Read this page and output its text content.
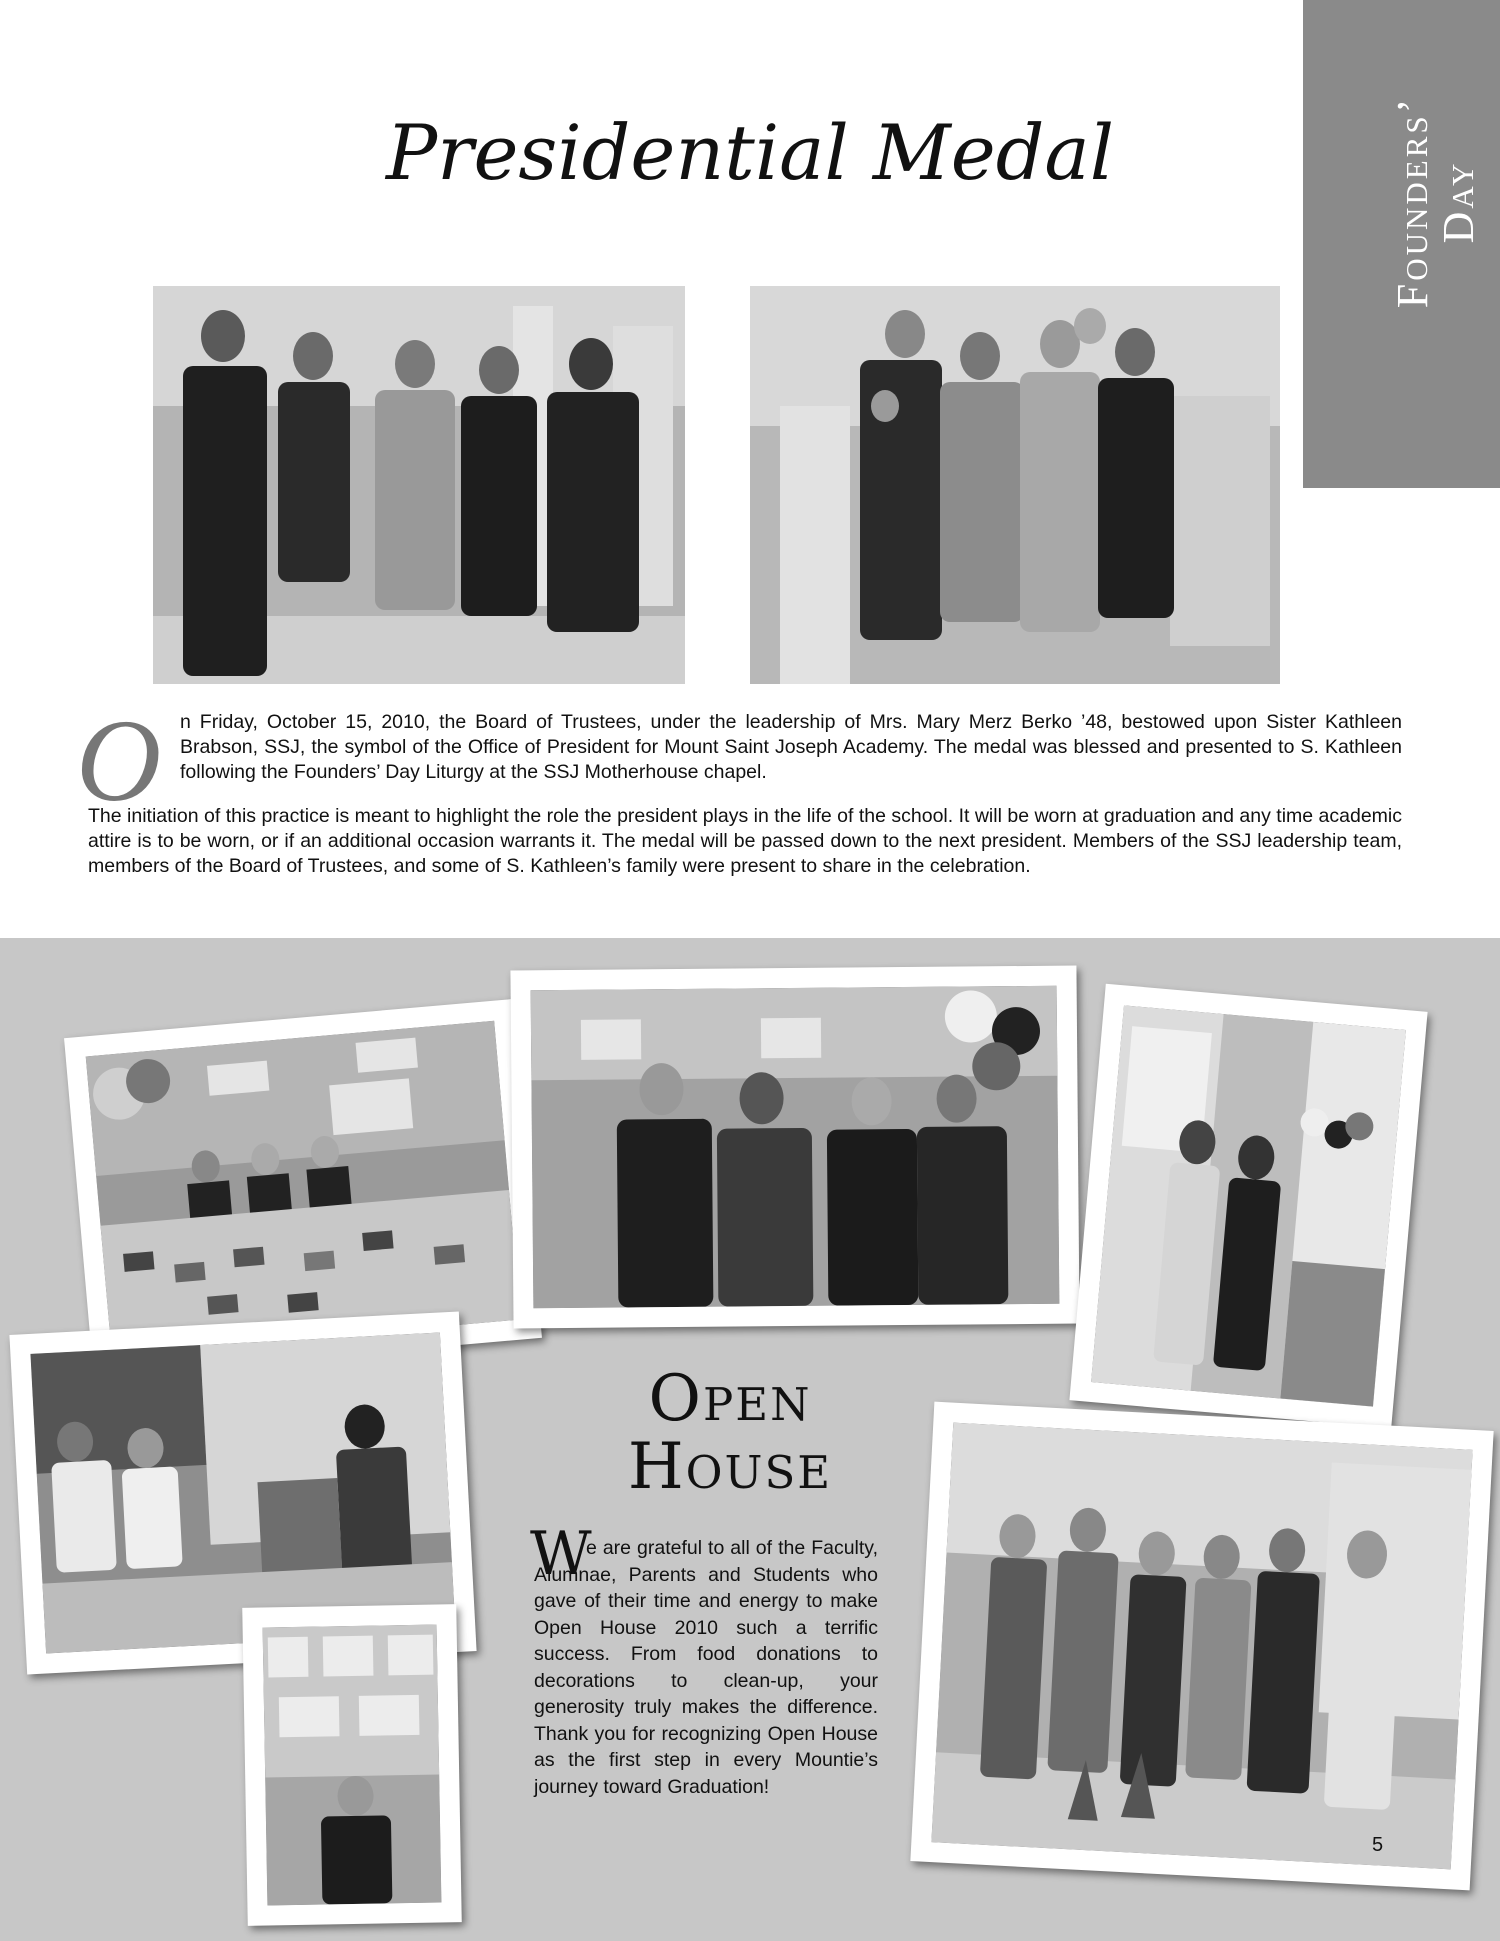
Founders’
Day
Presidential Medal
O n Friday, October 15, 2010, the Board of Trustees, under the leadership of Mrs. Mary Merz Berko ’48, bestowed upon Sister Kathleen Brabson, SSJ, the symbol of the Office of President for Mount Saint Joseph Academy. The medal was blessed and presented to S. Kathleen following the Founders’ Day Liturgy at the SSJ Motherhouse chapel.
The initiation of this practice is meant to highlight the role the president plays in the life of the school. It will be worn at graduation and any time academic attire is to be worn, or if an additional occasion warrants it. The medal will be passed down to the next president. Members of the SSJ leadership team, members of the Board of Trustees, and some of S. Kathleen’s family were present to share in the celebration.
Open
House
W
e are grateful to all of the Faculty, Alumnae, Parents and Students who gave of their time and energy to make Open House 2010 such a terrific success. From food donations to decorations to clean-up, your generosity truly makes the difference. Thank you for recognizing Open House as the first step in every Mountie’s journey toward Graduation!
5
